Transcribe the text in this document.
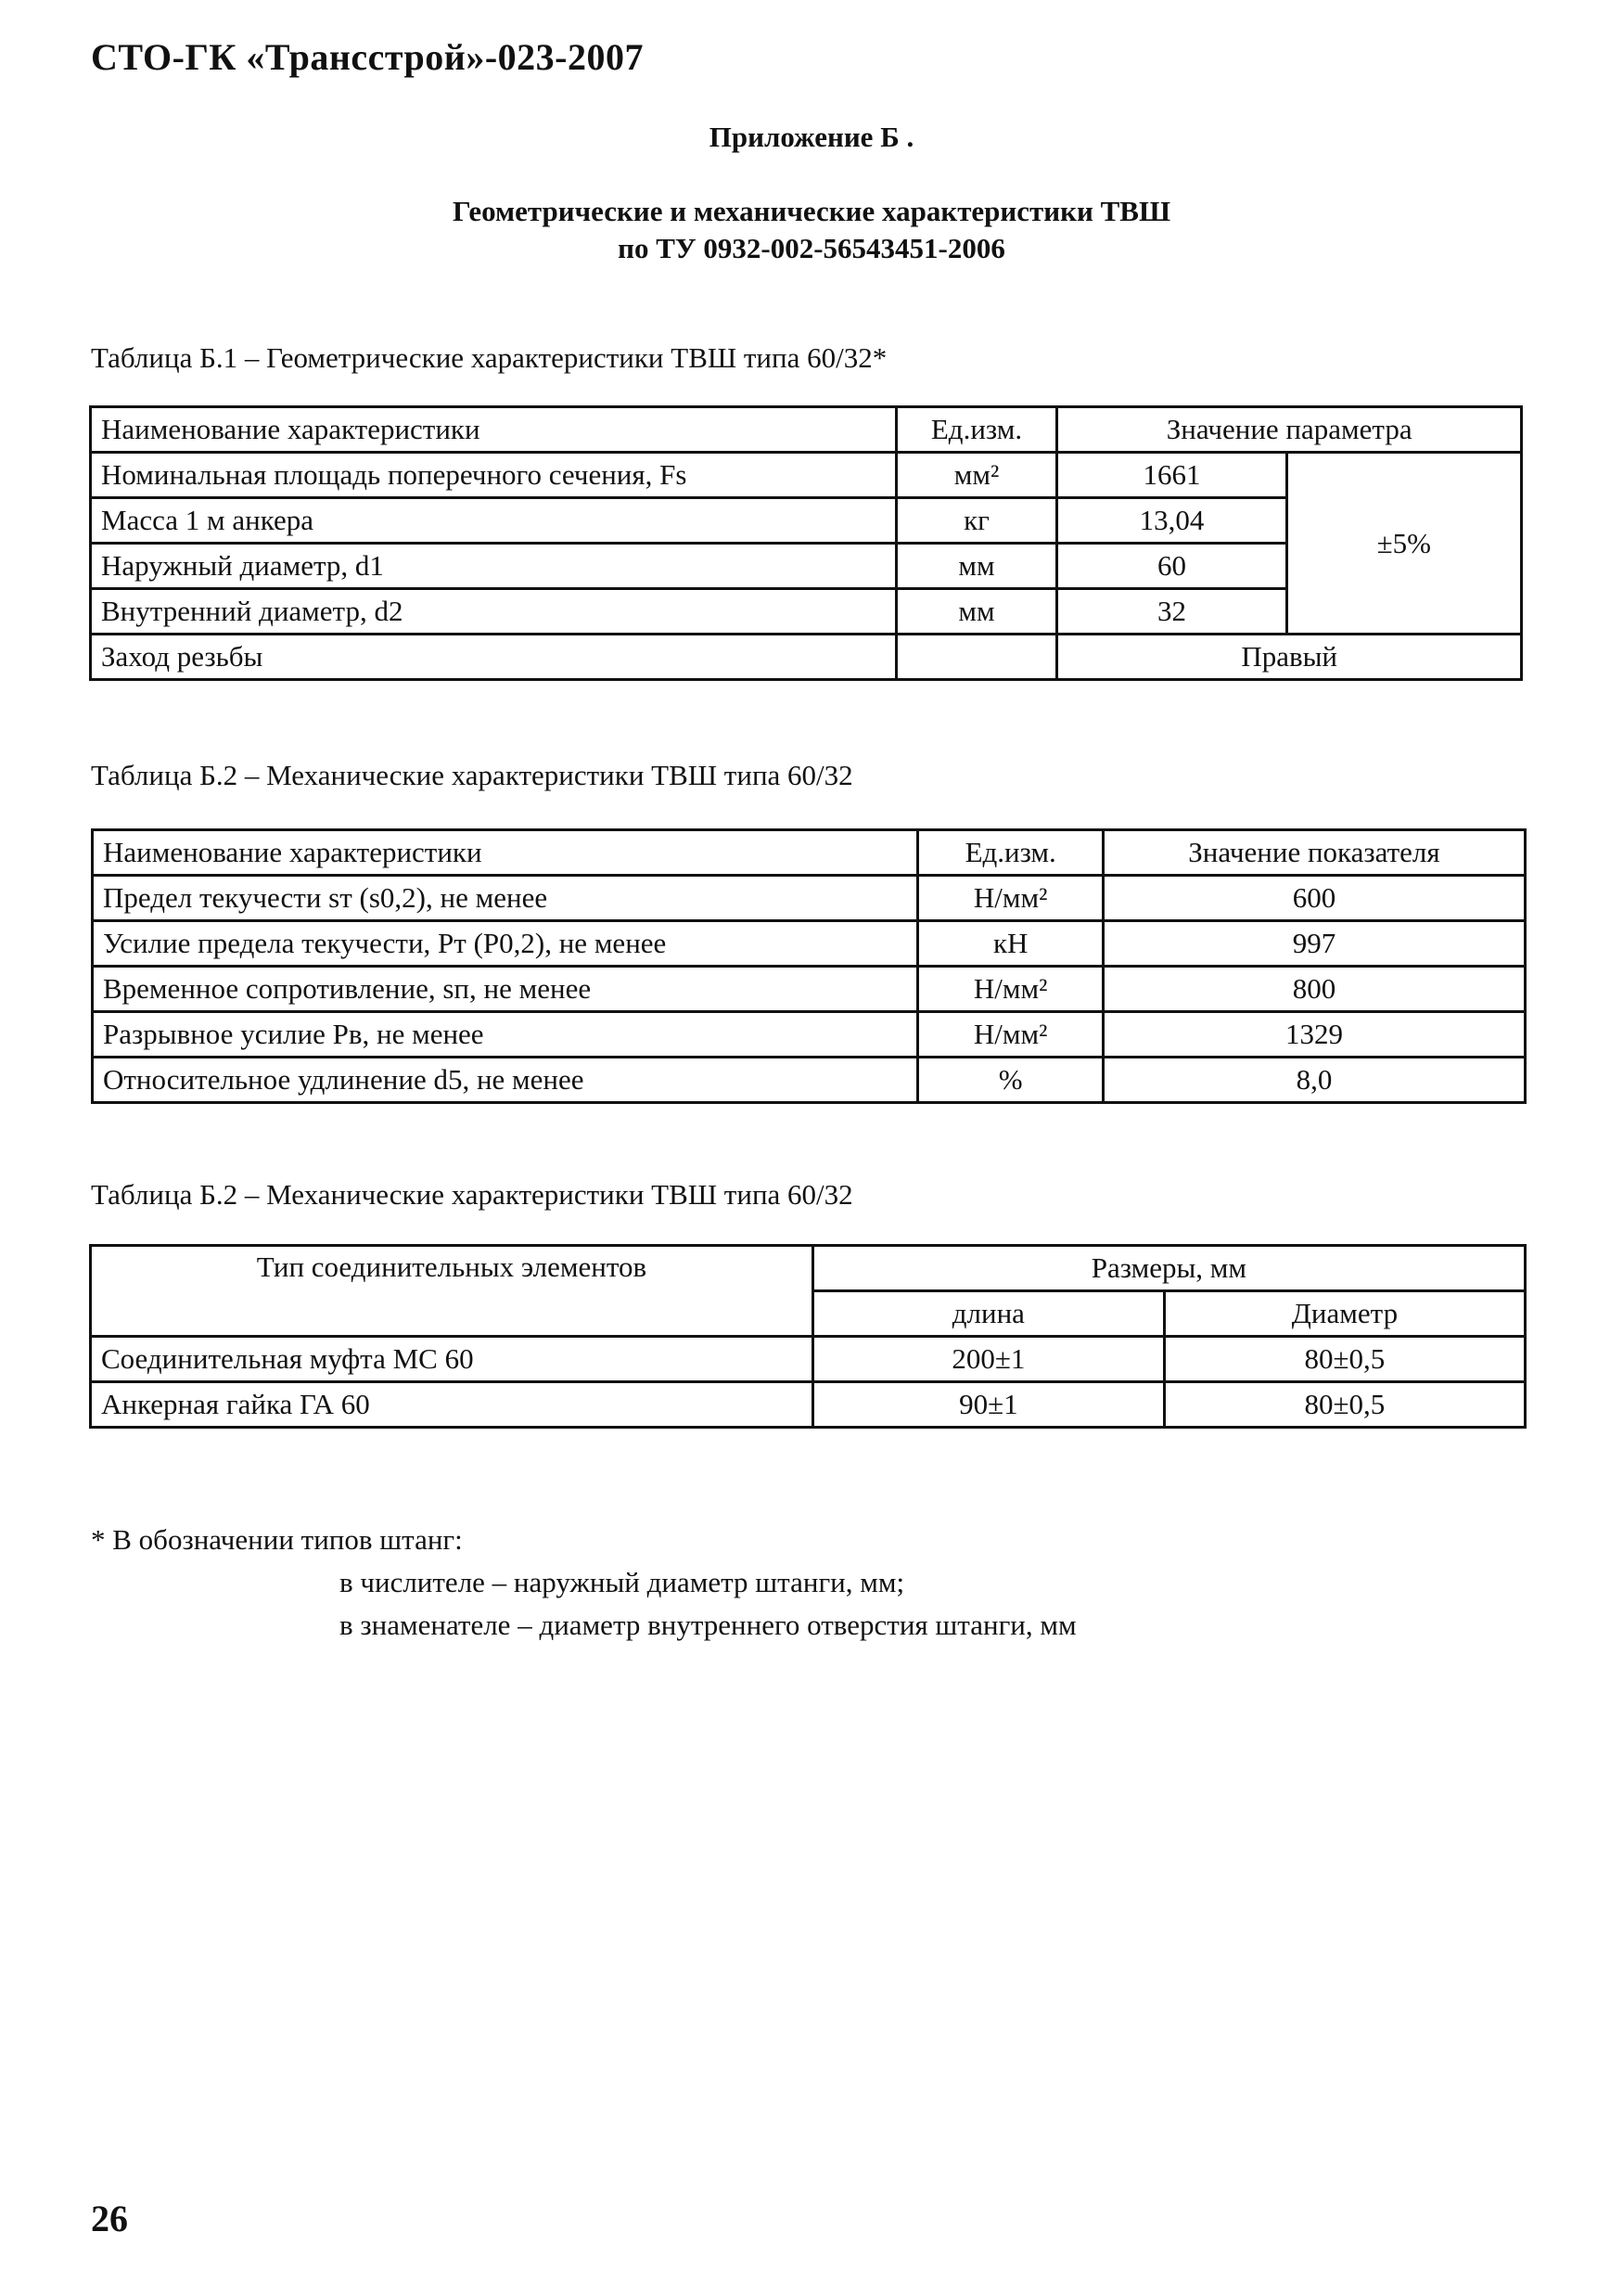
СТО-ГК «Трансстрой»-023-2007
Приложение Б .
Геометрические и механические характеристики ТВШ
по ТУ 0932-002-56543451-2006
Таблица Б.1 – Геометрические характеристики ТВШ типа 60/32*
Наименование характеристики	Ед.изм.	Значение параметра	
Номинальная площадь поперечного сечения, Fs	мм²	1661	±5%
Масса 1 м анкера	кг	13,04	
Наружный диаметр, d1	мм	60	
Внутренний диаметр, d2	мм	32	
Заход резьбы		Правый	
Таблица Б.2 – Механические характеристики ТВШ типа 60/32
Наименование характеристики	Ед.изм.	Значение показателя
Предел текучести sт (s0,2), не менее	Н/мм²	600
Усилие предела текучести, Pт (P0,2), не менее	кН	997
Временное сопротивление, sп, не менее	Н/мм²	800
Разрывное усилие Pв, не менее	Н/мм²	1329
Относительное удлинение d5, не менее	%	8,0
Таблица Б.2 – Механические характеристики ТВШ типа 60/32
Тип соединительных элементов	Размеры, мм	
	длина	Диаметр
Соединительная муфта МС 60	200±1	80±0,5
Анкерная гайка ГА 60	90±1	80±0,5
* В обозначении типов штанг:
в числителе – наружный диаметр штанги, мм;
в знаменателе – диаметр внутреннего отверстия штанги, мм
26
